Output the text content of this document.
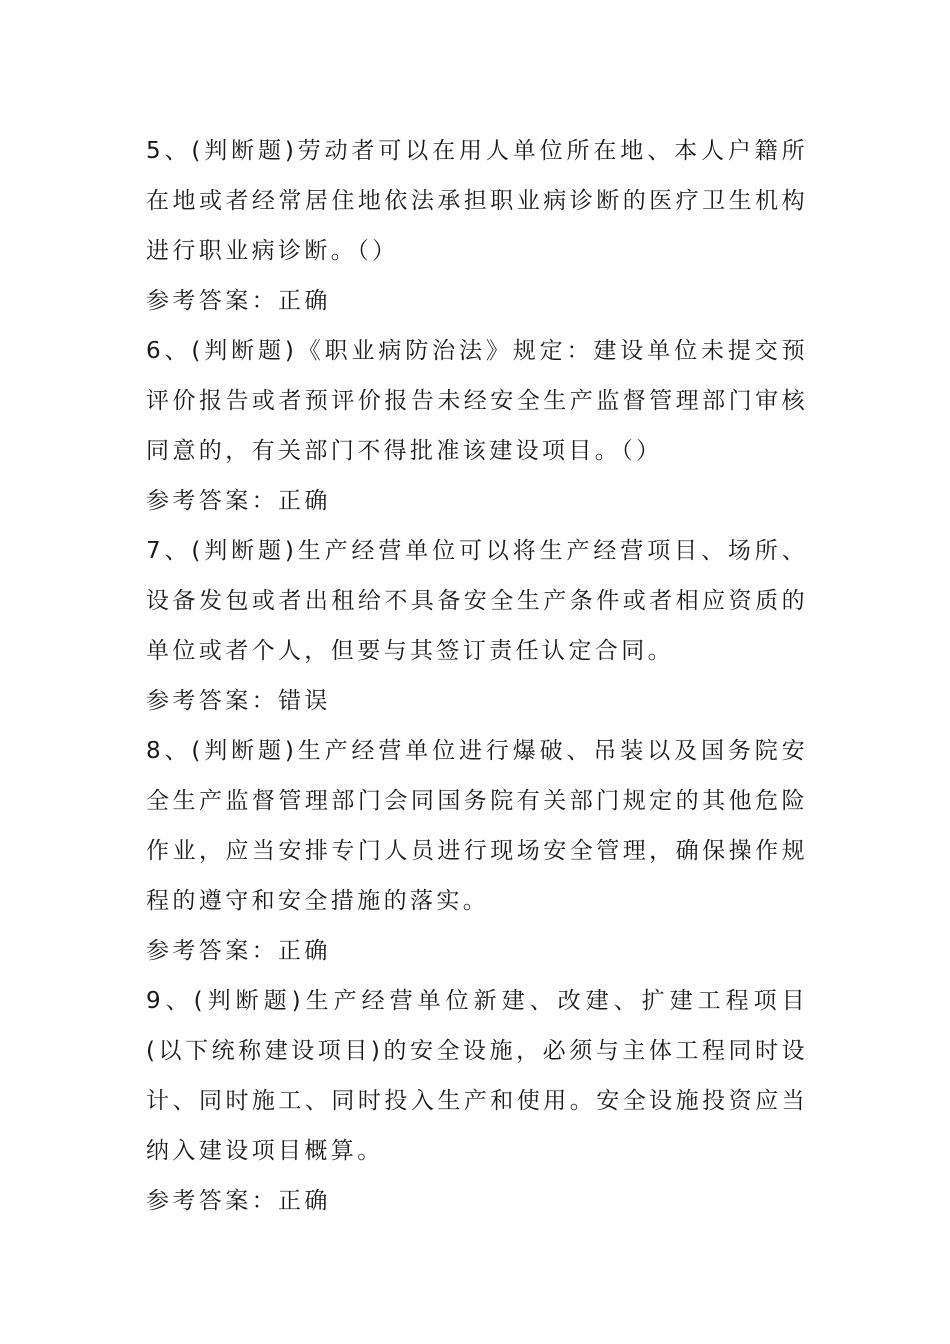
5、(判断题)劳动者可以在用人单位所在地、本人户籍所在地或者经常居住地依法承担职业病诊断的医疗卫生机构进行职业病诊断。（）

参考答案：正确

6、(判断题)《职业病防治法》规定：建设单位未提交预评价报告或者预评价报告未经安全生产监督管理部门审核同意的，有关部门不得批准该建设项目。（）

参考答案：正确

7、(判断题)生产经营单位可以将生产经营项目、场所、设备发包或者出租给不具备安全生产条件或者相应资质的单位或者个人，但要与其签订责任认定合同。

参考答案：错误

8、(判断题)生产经营单位进行爆破、吊装以及国务院安全生产监督管理部门会同国务院有关部门规定的其他危险作业，应当安排专门人员进行现场安全管理，确保操作规程的遵守和安全措施的落实。

参考答案：正确

9、(判断题)生产经营单位新建、改建、扩建工程项目(以下统称建设项目)的安全设施，必须与主体工程同时设计、同时施工、同时投入生产和使用。安全设施投资应当纳入建设项目概算。

参考答案：正确
